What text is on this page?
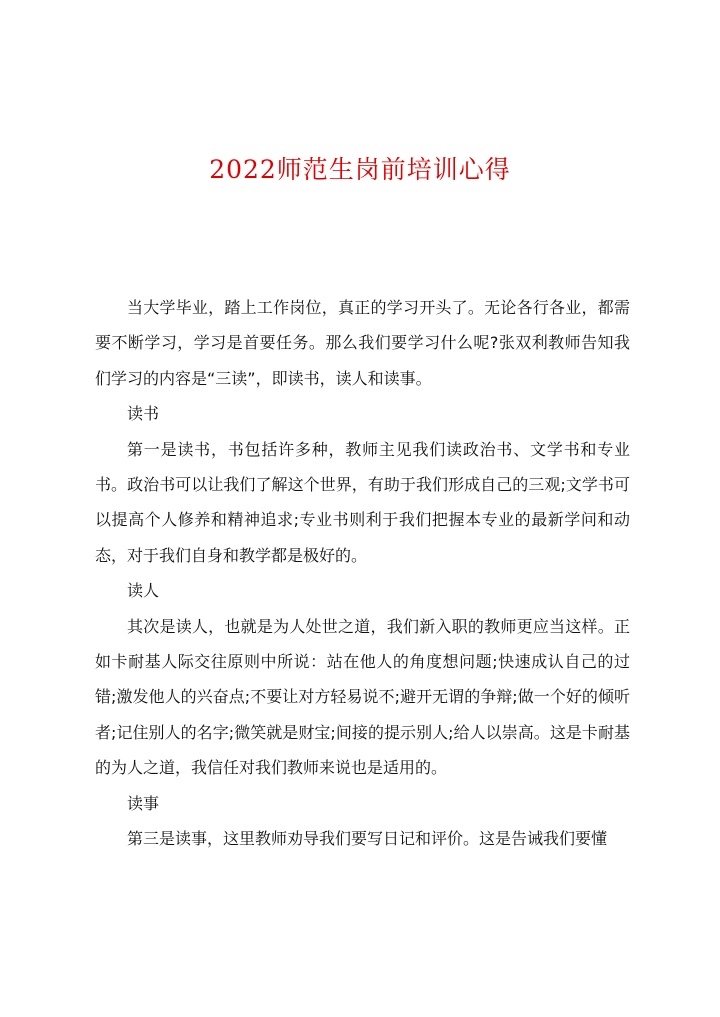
2022师范生岗前培训心得

当大学毕业，踏上工作岗位，真正的学习开头了。无论各行各业，都需要不断学习，学习是首要任务。那么我们要学习什么呢?张双利教师告知我们学习的内容是“三读”，即读书，读人和读事。

读书

第一是读书，书包括许多种，教师主见我们读政治书、文学书和专业书。政治书可以让我们了解这个世界，有助于我们形成自己的三观;文学书可以提高个人修养和精神追求;专业书则利于我们把握本专业的最新学问和动态，对于我们自身和教学都是极好的。

读人

其次是读人，也就是为人处世之道，我们新入职的教师更应当这样。正如卡耐基人际交往原则中所说：站在他人的角度想问题;快速成认自己的过错;激发他人的兴奋点;不要让对方轻易说不;避开无谓的争辩;做一个好的倾听者;记住别人的名字;微笑就是财宝;间接的提示别人;给人以崇高。这是卡耐基的为人之道，我信任对我们教师来说也是适用的。

读事

第三是读事，这里教师劝导我们要写日记和评价。这是告诫我们要懂
